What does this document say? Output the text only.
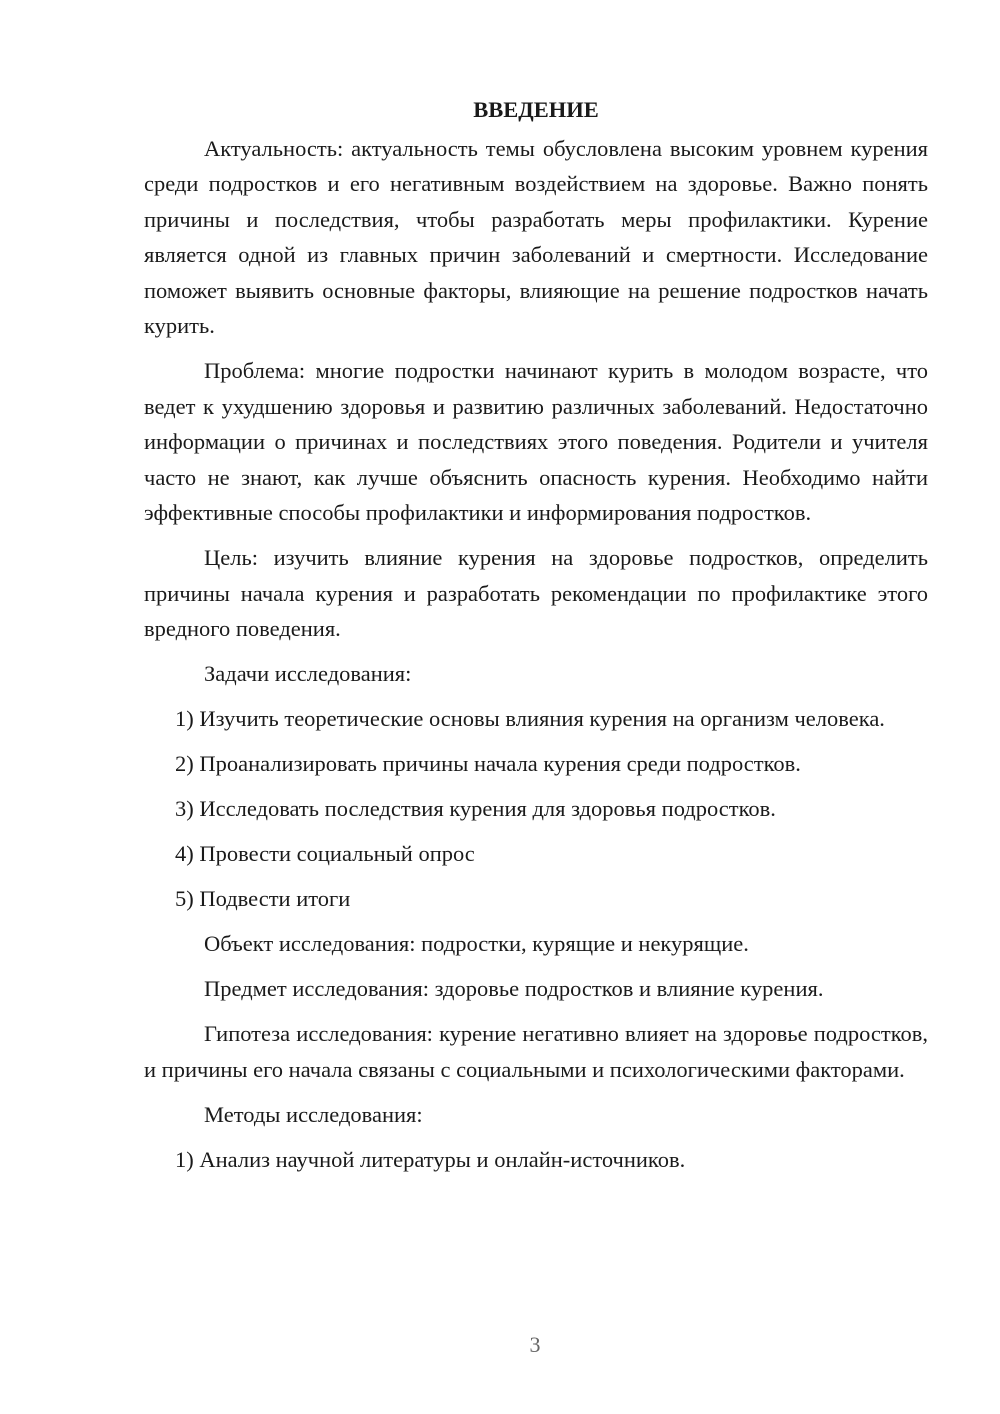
ВВЕДЕНИЕ

Актуальность: актуальность темы обусловлена высоким уровнем курения среди подростков и его негативным воздействием на здоровье. Важно понять причины и последствия, чтобы разработать меры профилактики. Курение является одной из главных причин заболеваний и смертности. Исследование поможет выявить основные факторы, влияющие на решение подростков начать курить.

Проблема: многие подростки начинают курить в молодом возрасте, что ведет к ухудшению здоровья и развитию различных заболеваний. Недостаточно информации о причинах и последствиях этого поведения. Родители и учителя часто не знают, как лучше объяснить опасность курения. Необходимо найти эффективные способы профилактики и информирования подростков.

Цель: изучить влияние курения на здоровье подростков, определить причины начала курения и разработать рекомендации по профилактике этого вредного поведения.

Задачи исследования:

1) Изучить теоретические основы влияния курения на организм человека.

2) Проанализировать причины начала курения среди подростков.

3) Исследовать последствия курения для здоровья подростков.

4) Провести социальный опрос

5) Подвести итоги

Объект исследования: подростки, курящие и некурящие.

Предмет исследования: здоровье подростков и влияние курения.

Гипотеза исследования: курение негативно влияет на здоровье подростков, и причины его начала связаны с социальными и психологическими факторами.

Методы исследования:

1) Анализ научной литературы и онлайн-источников.

3
